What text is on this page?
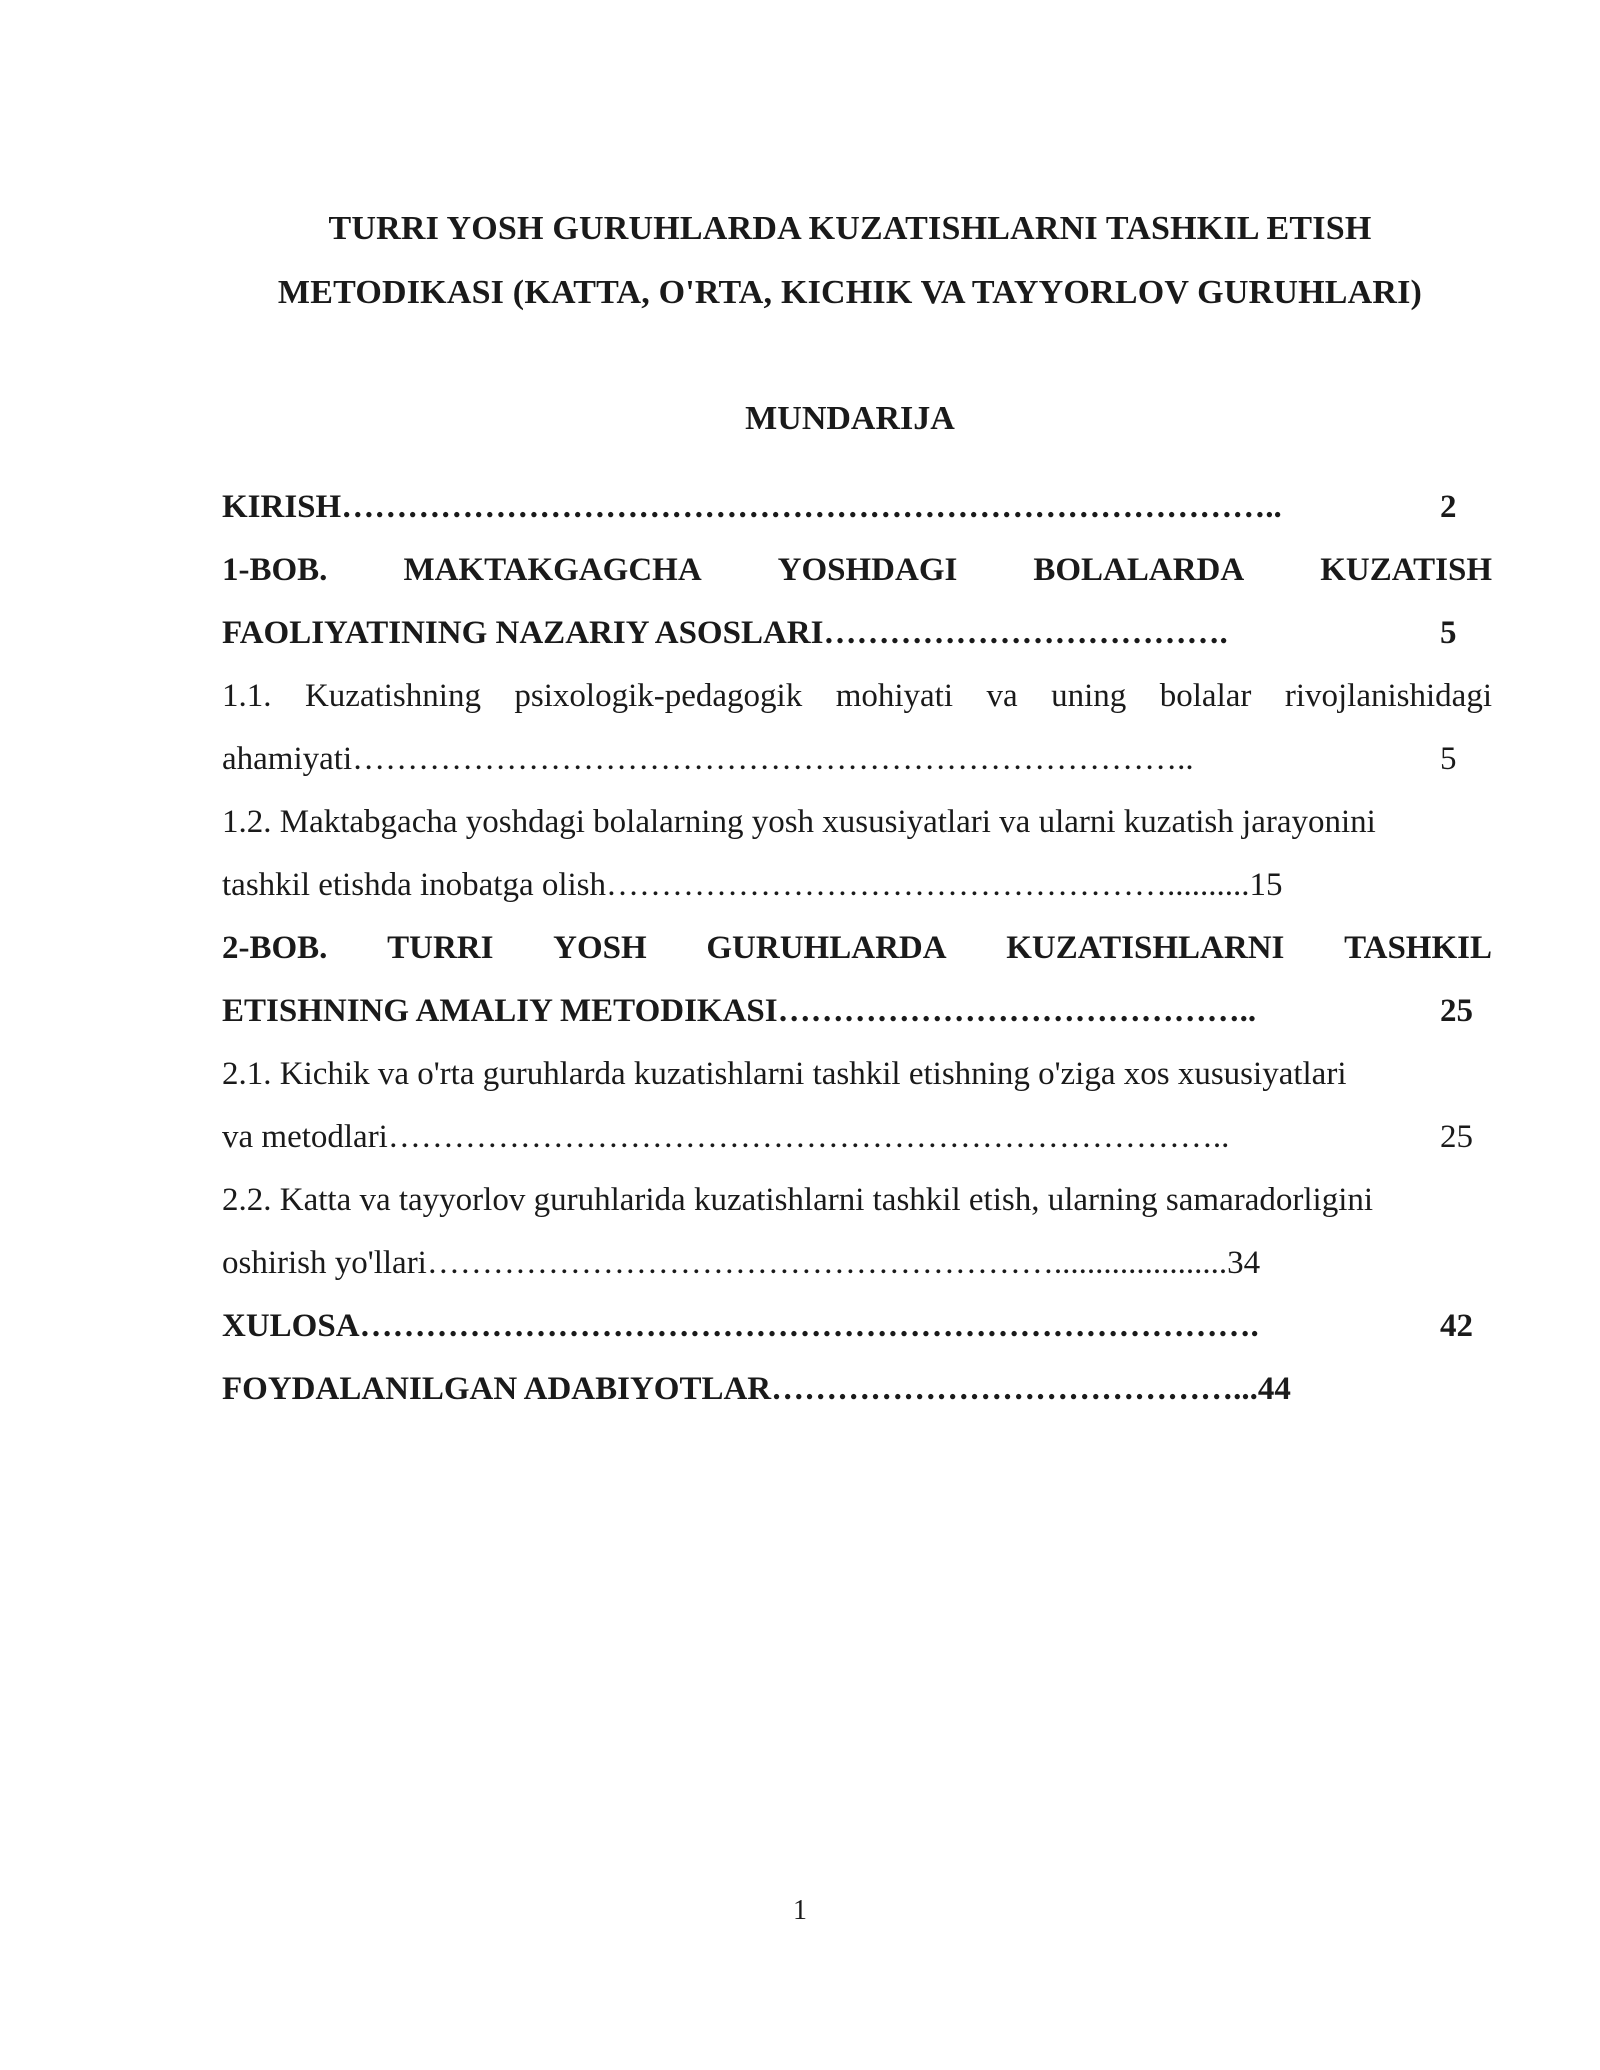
TURRI YOSH GURUHLARDA KUZATISHLARNI TASHKIL ETISH
METODIKASI (KATTA, O'RTA, KICHIK VA TAYYORLOV GURUHLARI)
MUNDARIJA
KIRISH…………………………………………………………………………..	2
1-BOB. MAKTAKGAGCHA YOSHDAGI BOLALARDA KUZATISH
FAOLIYATINING NAZARIY ASOSLARI……………………………….	5
1.1. Kuzatishning psixologik-pedagogik mohiyati va uning bolalar rivojlanishidagi
ahamiyati…………………………………………………………………..	5
1.2. Maktabgacha yoshdagi bolalarning yosh xususiyatlari va ularni kuzatish jarayonini
tashkil etishda inobatga olish……………………………………………..........15
2-BOB. TURRI YOSH GURUHLARDA KUZATISHLARNI TASHKIL
ETISHNING AMALIY METODIKASI……………………………………..	25
2.1. Kichik va o'rta guruhlarda kuzatishlarni tashkil etishning o'ziga xos xususiyatlari
va metodlari…………………………………………………………………..	25
2.2. Katta va tayyorlov guruhlarida kuzatishlarni tashkil etish, ularning samaradorligini
oshirish yo'llari………………………………………………….....................34
XULOSA……………………………………………………………………….	42
FOYDALANILGAN ADABIYOTLAR……………………………………...44
1
